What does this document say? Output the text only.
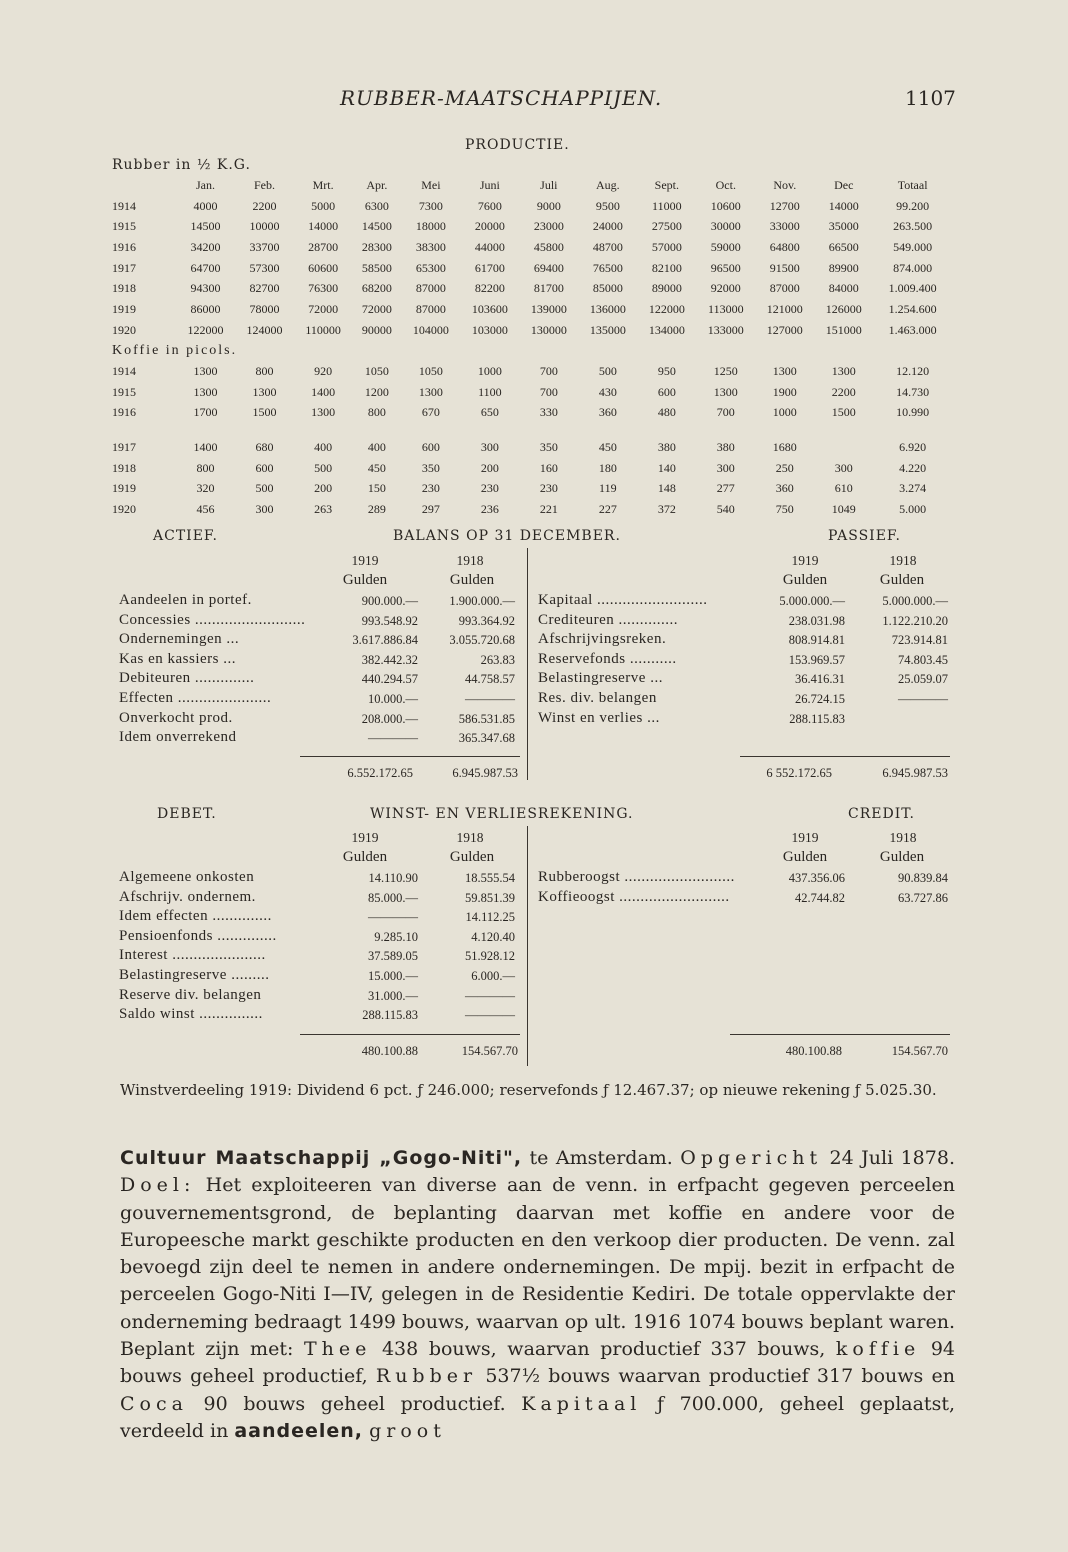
RUBBER-MAATSCHAPPIJEN.	1107
PRODUCTIE.
Rubber in ½ K.G.
	Jan.	Feb.	Mrt.	Apr.	Mei	Juni	Juli	Aug.	Sept.	Oct.	Nov.	Dec	Totaal
1914	4000	2200	5000	6300	7300	7600	9000	9500	11000	10600	12700	14000	99.200
1915	14500	10000	14000	14500	18000	20000	23000	24000	27500	30000	33000	35000	263.500
1916	34200	33700	28700	28300	38300	44000	45800	48700	57000	59000	64800	66500	549.000
1917	64700	57300	60600	58500	65300	61700	69400	76500	82100	96500	91500	89900	874.000
1918	94300	82700	76300	68200	87000	82200	81700	85000	89000	92000	87000	84000	1.009.400
1919	86000	78000	72000	72000	87000	103600	139000	136000	122000	113000	121000	126000	1.254.600
1920	122000	124000	110000	90000	104000	103000	130000	135000	134000	133000	127000	151000	1.463.000
Koffie in picols.													
1914	1300	800	920	1050	1050	1000	700	500	950	1250	1300	1300	12.120
1915	1300	1300	1400	1200	1300	1100	700	430	600	1300	1900	2200	14.730
1916	1700	1500	1300	800	670	650	330	360	480	700	1000	1500	10.990

1917	1400	680	400	400	600	300	350	450	380	380	1680		6.920
1918	800	600	500	450	350	200	160	180	140	300	250	300	4.220
1919	320	500	200	150	230	230	230	119	148	277	360	610	3.274
1920	456	300	263	289	297	236	221	227	372	540	750	1049	5.000
ACTIEF.	BALANS OP 31 DECEMBER.	PASSIEF.
1919	1918	1919	1918
Gulden	Gulden	Gulden	Gulden
Aandeelen in portef.	900.000.—	1.900.000.—
Concessies ..........................	993.548.92	993.364.92
Ondernemingen ...	3.617.886.84	3.055.720.68
Kas en kassiers ...	382.442.32	263.83
Debiteuren ..............	440.294.57	44.758.57
Effecten ......................	10.000.—	————
Onverkocht prod.	208.000.—	586.531.85
Idem onverrekend	————	365.347.68
Kapitaal ..........................	5.000.000.—	5.000.000.—
Crediteuren ..............	238.031.98	1.122.210.20
Afschrijvingsreken.	808.914.81	723.914.81
Reservefonds ...........	153.969.57	74.803.45
Belastingreserve ...	36.416.31	25.059.07
Res. div. belangen	26.724.15	————
Winst en verlies ...	288.115.83
6.552.172.65	6.945.987.53	6 552.172.65	6.945.987.53
DEBET.	WINST- EN VERLIESREKENING.	CREDIT.
1919	1918	1919	1918
Gulden	Gulden	Gulden	Gulden
Algemeene onkosten	14.110.90	18.555.54
Afschrijv. ondernem.	85.000.—	59.851.39
Idem effecten ..............	————	14.112.25
Pensioenfonds ..............	9.285.10	4.120.40
Interest ......................	37.589.05	51.928.12
Belastingreserve .........	15.000.—	6.000.—
Reserve div. belangen	31.000.—	————
Saldo winst ...............	288.115.83	————
Rubberoogst ..........................	437.356.06	90.839.84
Koffieoogst ..........................	42.744.82	63.727.86
480.100.88	154.567.70	480.100.88	154.567.70
Winstverdeeling 1919: Dividend 6 pct. ƒ 246.000; reservefonds ƒ 12.467.37; op nieuwe rekening ƒ 5.025.30.
Cultuur Maatschappij „Gogo-Niti", te Amsterdam. Opgericht 24 Juli 1878. Doel: Het exploiteeren van diverse aan de venn. in erfpacht gegeven perceelen gouvernementsgrond, de beplanting daarvan met koffie en andere voor de Europeesche markt geschikte producten en den verkoop dier producten. De venn. zal bevoegd zijn deel te nemen in andere ondernemingen. De mpij. bezit in erfpacht de perceelen Gogo-Niti I—IV, gelegen in de Residentie Kediri. De totale oppervlakte der onderneming bedraagt 1499 bouws, waarvan op ult. 1916 1074 bouws beplant waren. Beplant zijn met: Thee 438 bouws, waarvan productief 337 bouws, koffie 94 bouws geheel productief, Rubber 537½ bouws waarvan productief 317 bouws en Coca 90 bouws geheel productief. Kapitaal ƒ 700.000, geheel geplaatst, verdeeld in aandeelen, groot
